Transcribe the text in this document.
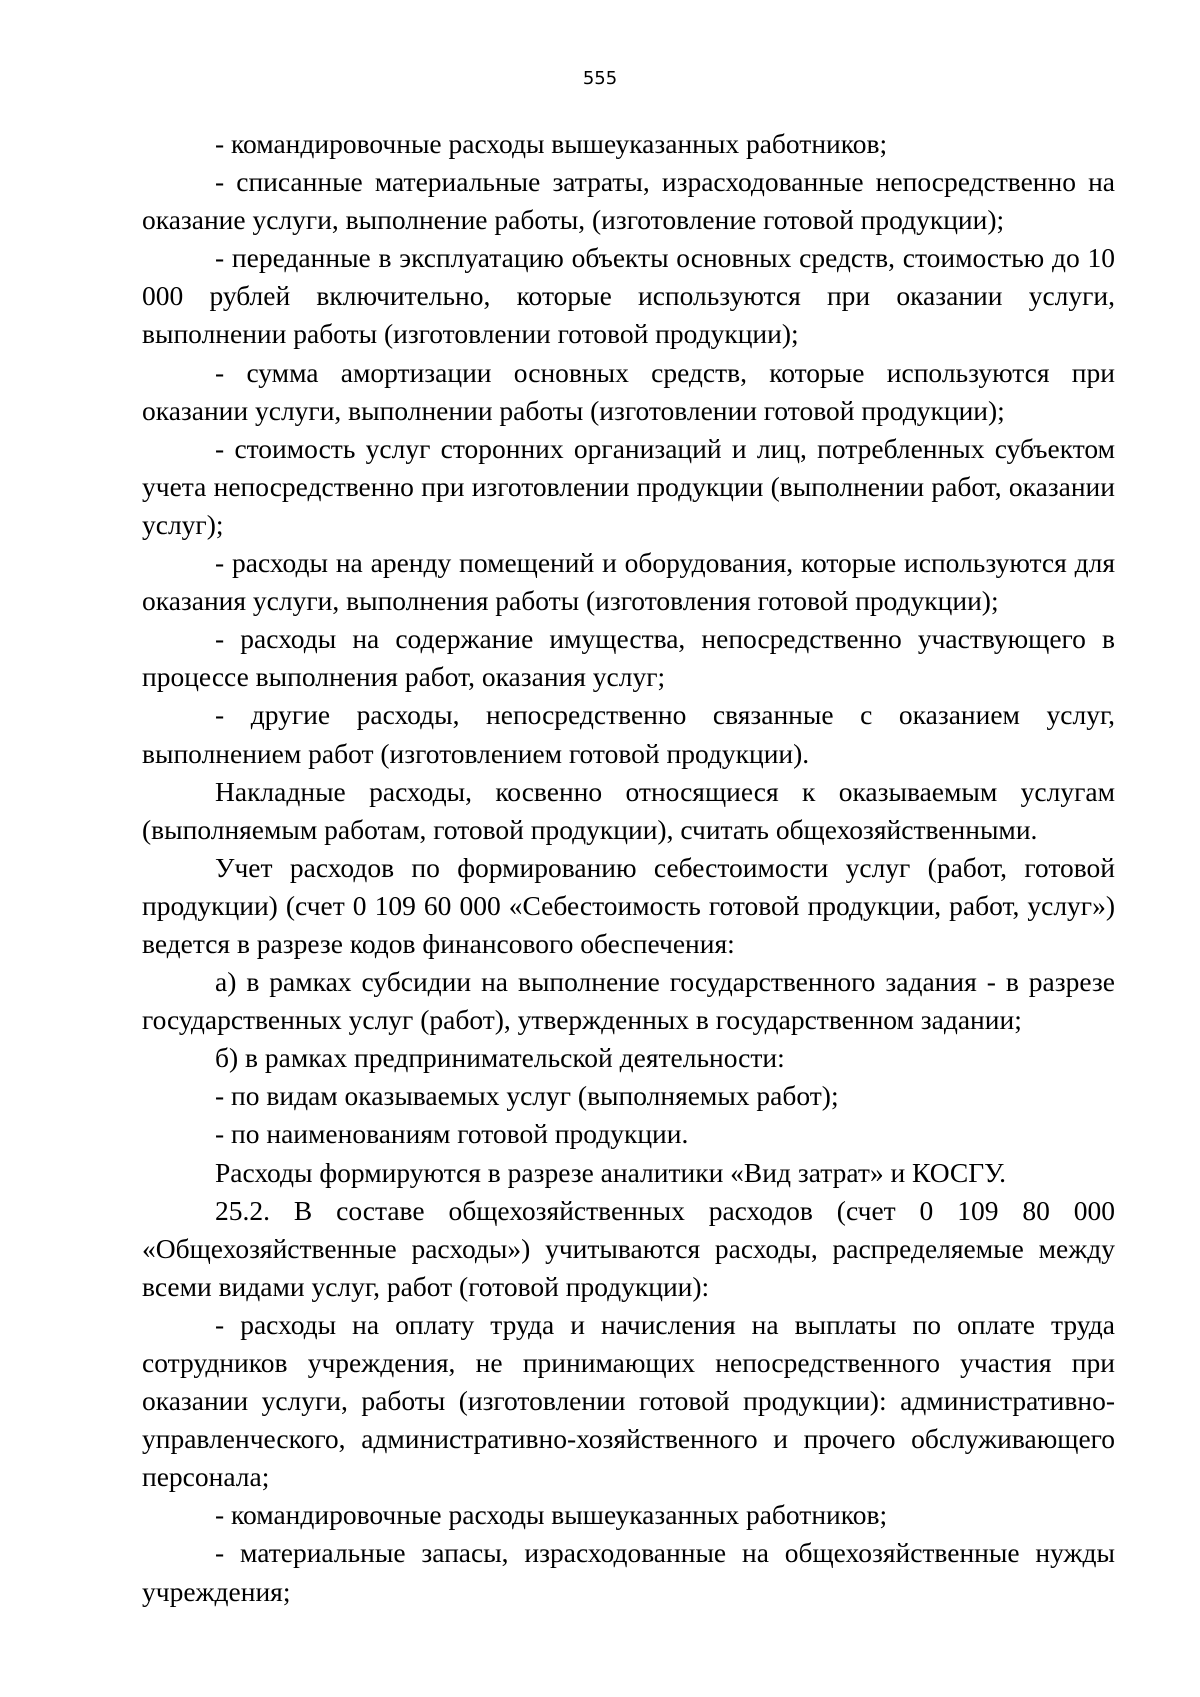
555

- командировочные расходы вышеуказанных работников;

- списанные материальные затраты, израсходованные непосредственно на оказание услуги, выполнение работы, (изготовление готовой продукции);

- переданные в эксплуатацию объекты основных средств, стоимостью до 10 000 рублей включительно, которые используются при оказании услуги, выполнении работы (изготовлении готовой продукции);

- сумма амортизации основных средств, которые используются при оказании услуги, выполнении работы (изготовлении готовой продукции);

- стоимость услуг сторонних организаций и лиц, потребленных субъектом учета непосредственно при изготовлении продукции (выполнении работ, оказании услуг);

- расходы на аренду помещений и оборудования, которые используются для оказания услуги, выполнения работы (изготовления готовой продукции);

- расходы на содержание имущества, непосредственно участвующего в процессе выполнения работ, оказания услуг;

- другие расходы, непосредственно связанные с оказанием услуг, выполнением работ (изготовлением готовой продукции).

Накладные расходы, косвенно относящиеся к оказываемым услугам (выполняемым работам, готовой продукции), считать общехозяйственными.

Учет расходов по формированию себестоимости услуг (работ, готовой продукции) (счет 0 109 60 000 «Себестоимость готовой продукции, работ, услуг») ведется в разрезе кодов финансового обеспечения:

а) в рамках субсидии на выполнение государственного задания - в разрезе государственных услуг (работ), утвержденных в государственном задании;

б) в рамках предпринимательской деятельности:

- по видам оказываемых услуг (выполняемых работ);

- по наименованиям готовой продукции.

Расходы формируются в разрезе аналитики «Вид затрат» и КОСГУ.

25.2. В составе общехозяйственных расходов (счет 0 109 80 000 «Общехозяйственные расходы») учитываются расходы, распределяемые между всеми видами услуг, работ (готовой продукции):

- расходы на оплату труда и начисления на выплаты по оплате труда сотрудников учреждения, не принимающих непосредственного участия при оказании услуги, работы (изготовлении готовой продукции): административно-управленческого, административно-хозяйственного и прочего обслуживающего персонала;

- командировочные расходы вышеуказанных работников;

- материальные запасы, израсходованные на общехозяйственные нужды учреждения;
